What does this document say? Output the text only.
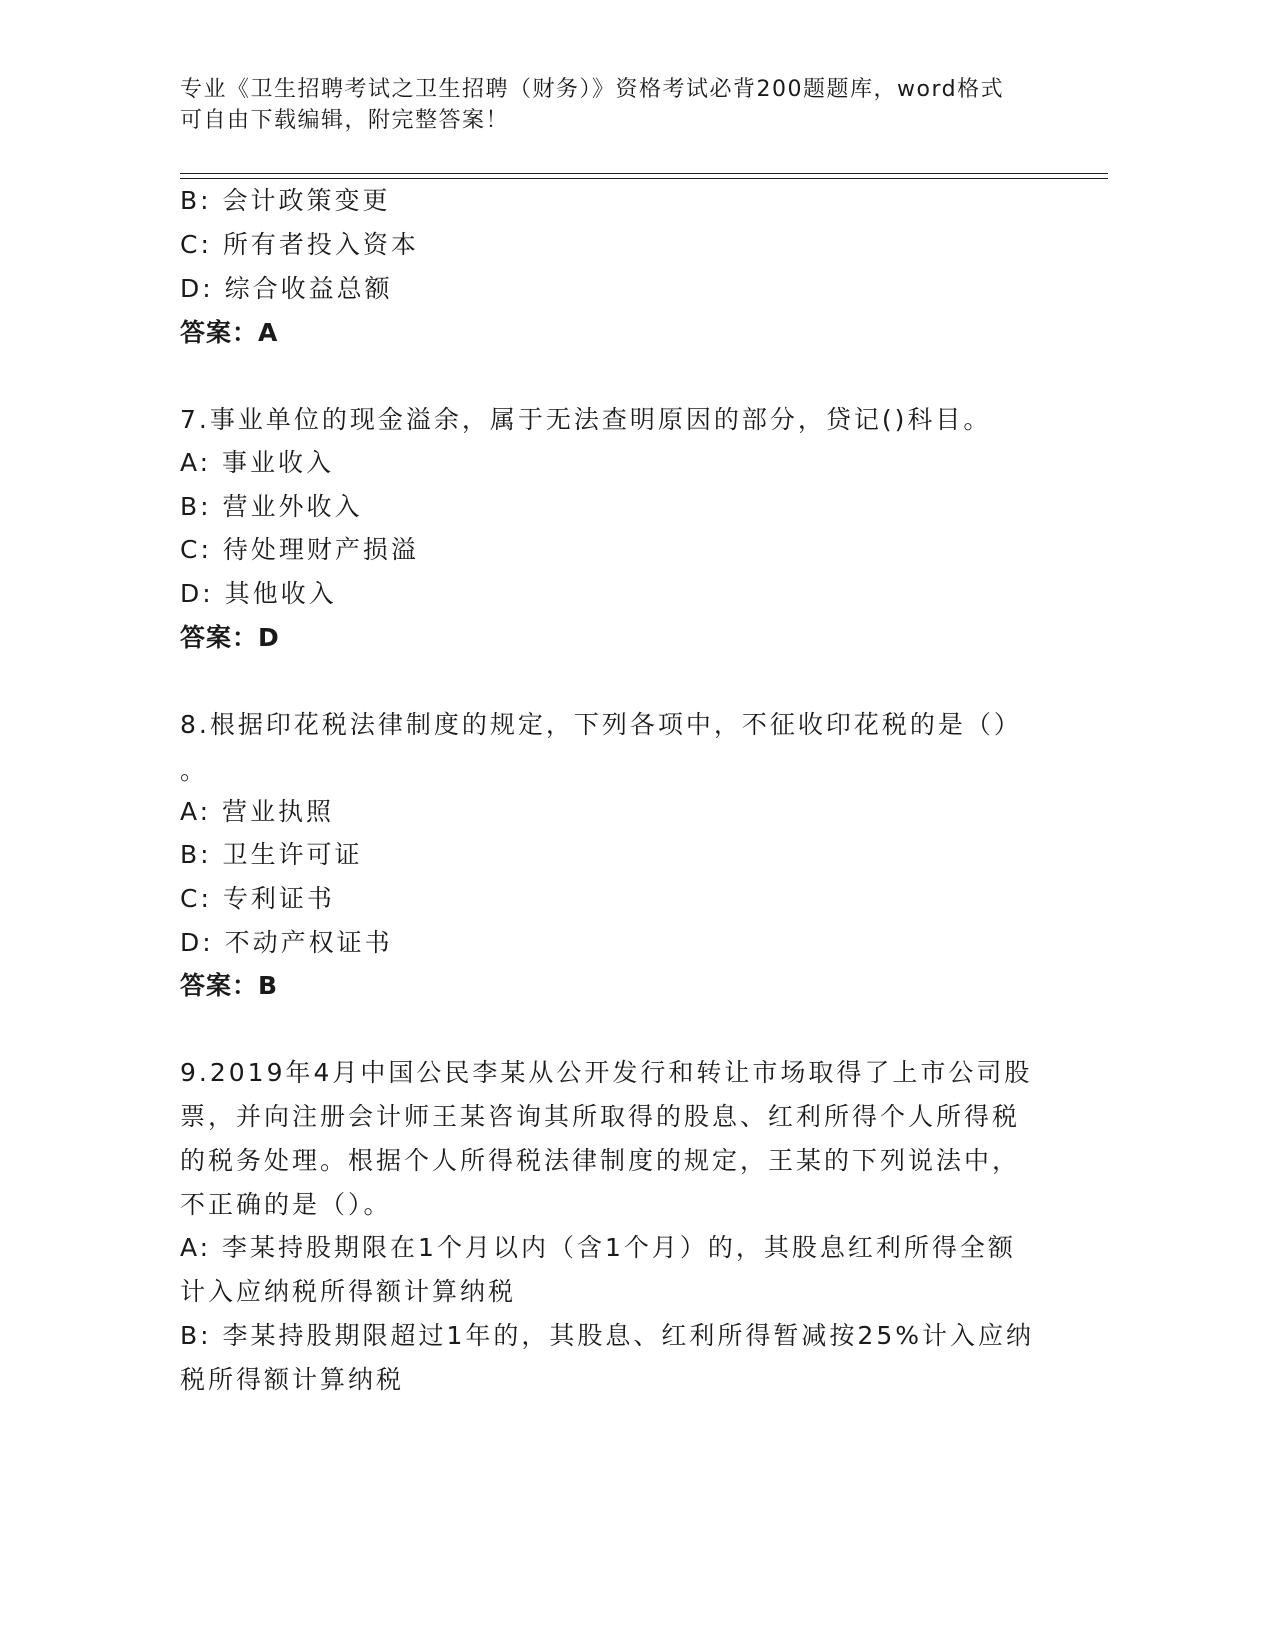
专业《卫生招聘考试之卫生招聘（财务）》资格考试必背200题题库，word格式
可自由下载编辑，附完整答案！
B: 会计政策变更
C: 所有者投入资本
D: 综合收益总额
答案：A
7.事业单位的现金溢余，属于无法查明原因的部分，贷记()科目。
A: 事业收入
B: 营业外收入
C: 待处理财产损溢
D: 其他收入
答案：D
8.根据印花税法律制度的规定，下列各项中，不征收印花税的是（）
。
A: 营业执照
B: 卫生许可证
C: 专利证书
D: 不动产权证书
答案：B
9.2019年4月中国公民李某从公开发行和转让市场取得了上市公司股票，并向注册会计师王某咨询其所取得的股息、红利所得个人所得税的税务处理。根据个人所得税法律制度的规定，王某的下列说法中，不正确的是（）。
A: 李某持股期限在1个月以内（含1个月）的，其股息红利所得全额计入应纳税所得额计算纳税
B: 李某持股期限超过1年的，其股息、红利所得暂减按25%计入应纳税所得额计算纳税
